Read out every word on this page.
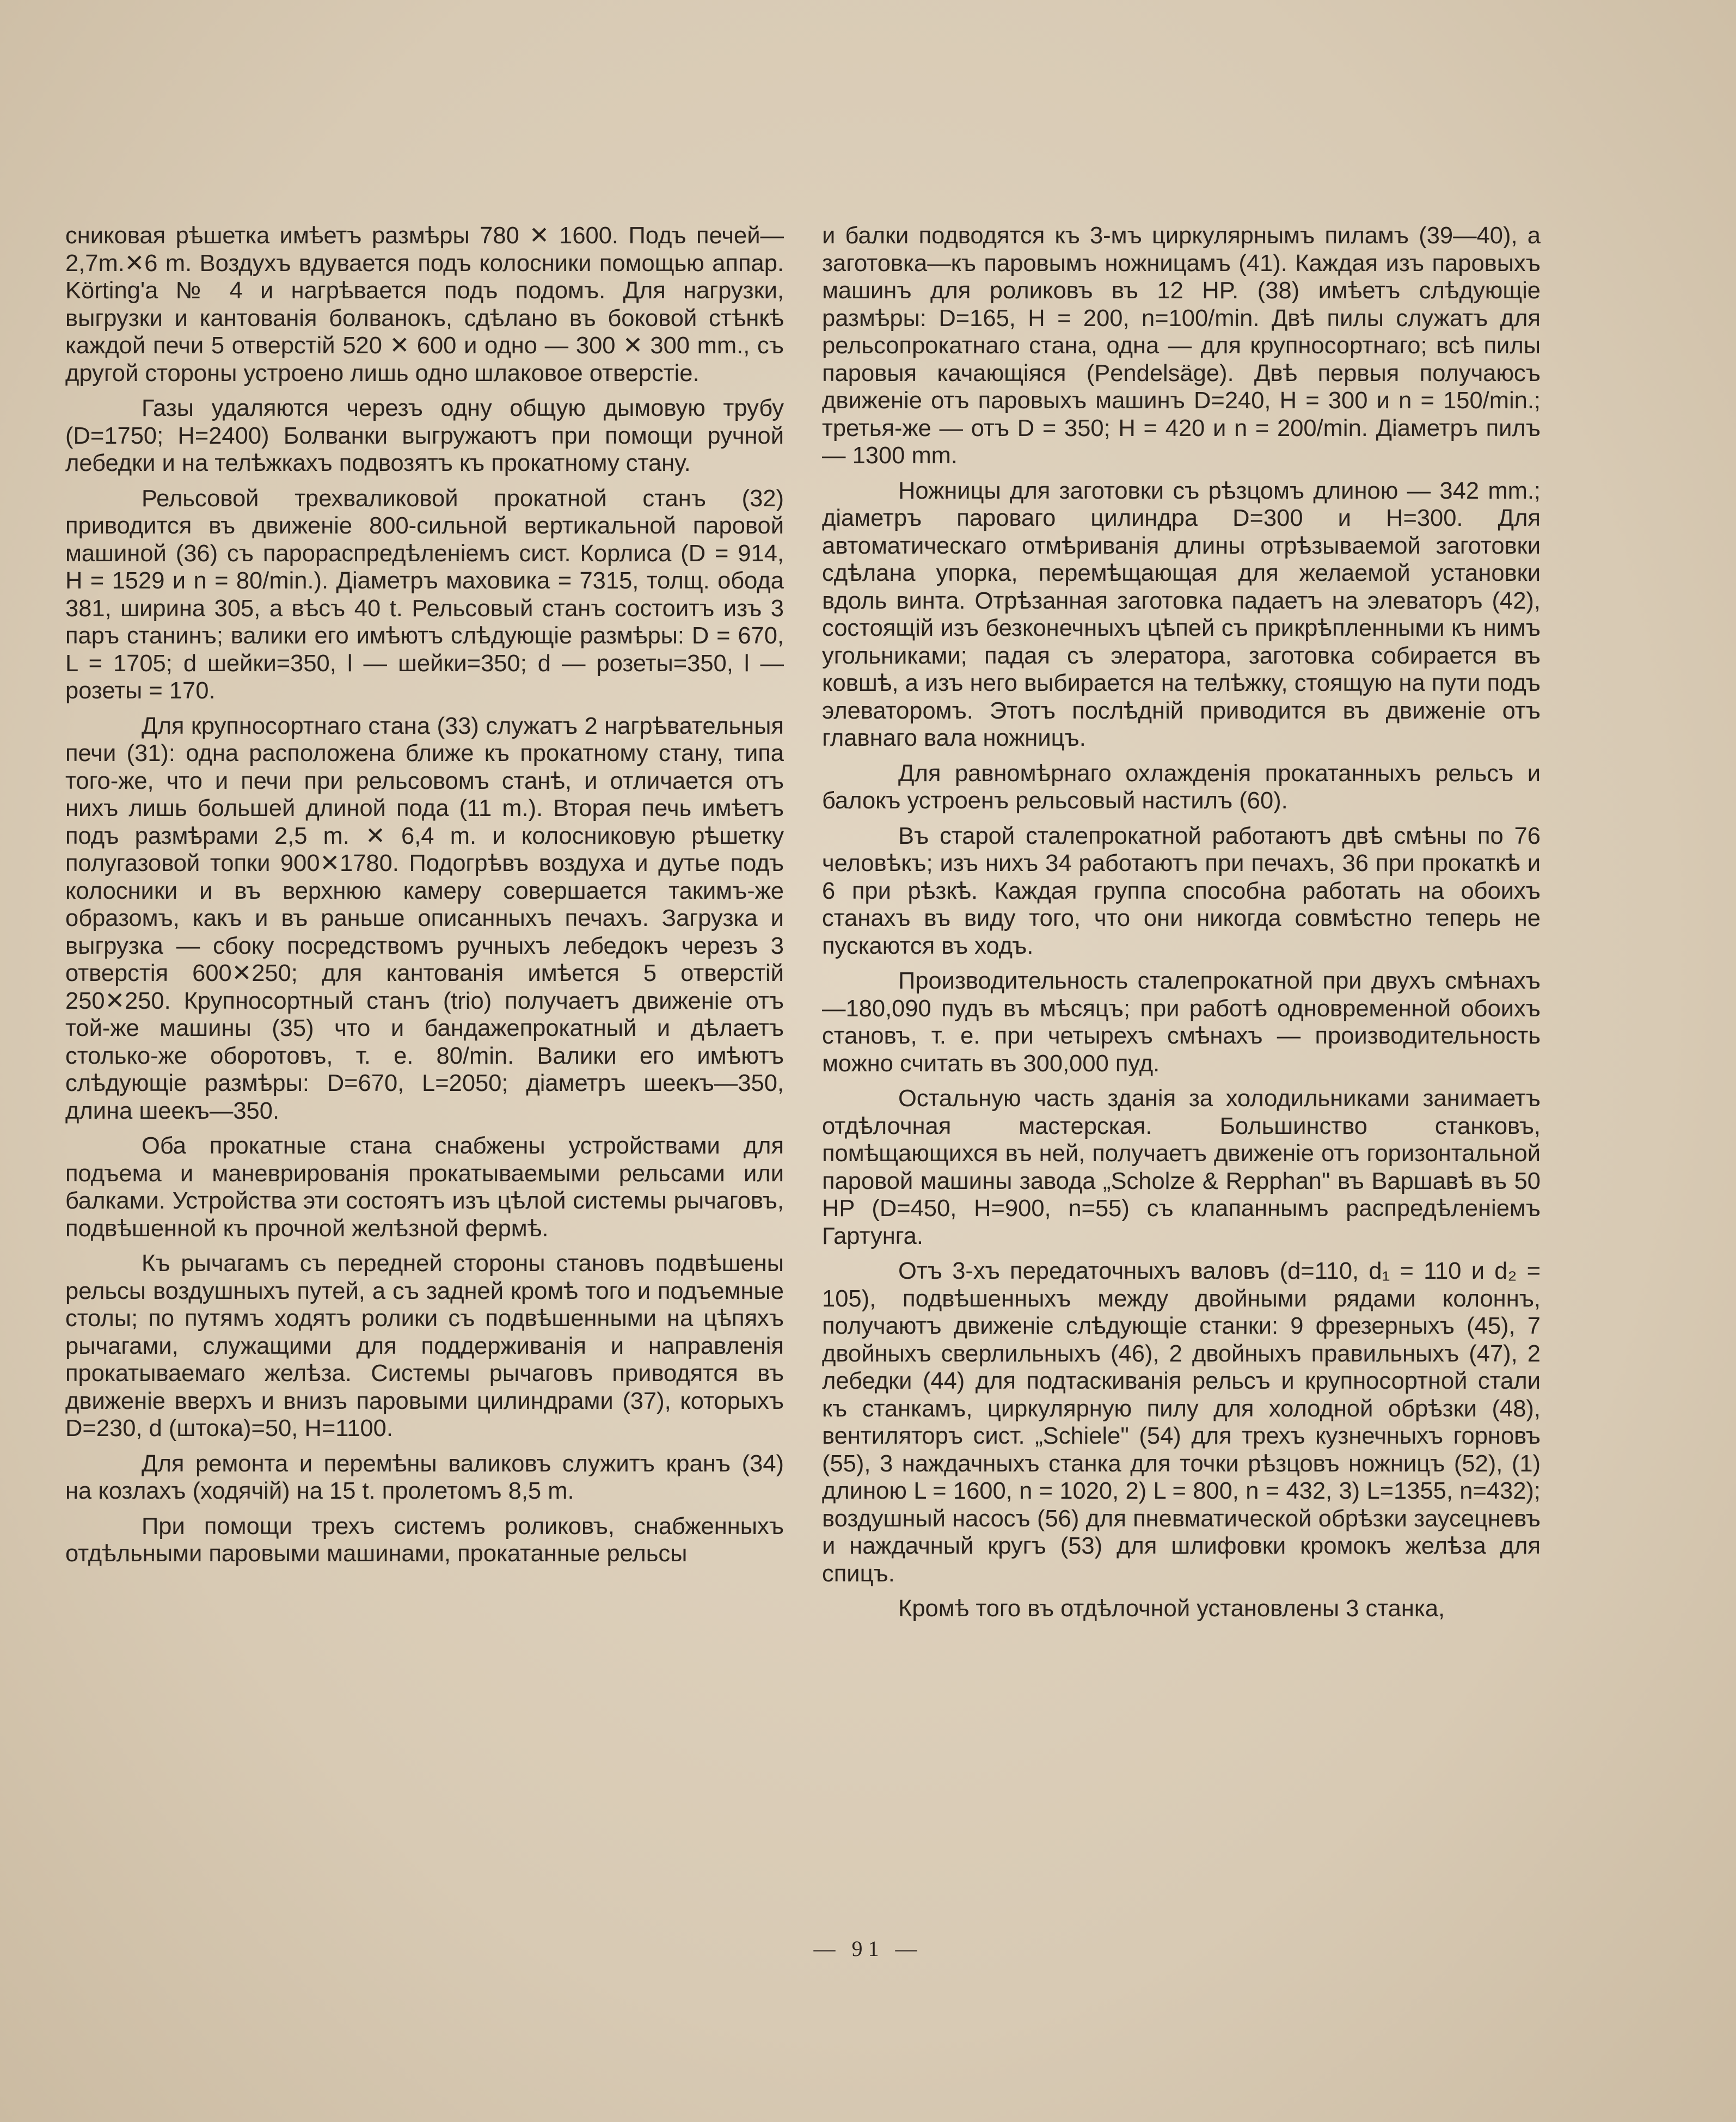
сниковая рѣшетка имѣетъ размѣры 780 ✕ 1600. Подъ печей—2,7m.✕6 m. Воздухъ вдувается подъ колосники помощью аппар. Körting'a № 4 и нагрѣвается подъ подомъ. Для нагрузки, выгрузки и кантованія болванокъ, сдѣлано въ боковой стѣнкѣ каждой печи 5 отверстій 520 ✕ 600 и одно — 300 ✕ 300 mm., съ другой стороны устроено лишь одно шлаковое отверстіе.

Газы удаляются черезъ одну общую дымовую трубу (D=1750; H=2400) Болванки выгружаютъ при помощи ручной лебедки и на телѣжкахъ подвозятъ къ прокатному стану.

Рельсовой трехваликовой прокатной станъ (32) приводится въ движеніе 800-сильной вертикальной паровой машиной (36) съ парораспредѣленіемъ сист. Корлиса (D = 914, H = 1529 и n = 80/min.). Діаметръ маховика = 7315, толщ. обода 381, ширина 305, а вѣсъ 40 t. Рельсовый станъ состоитъ изъ 3 паръ станинъ; валики его имѣютъ слѣдующіе размѣры: D = 670, L = 1705; d шейки=350, l — шейки=350; d — розеты=350, l — розеты = 170.

Для крупносортнаго стана (33) служатъ 2 нагрѣвательныя печи (31): одна расположена ближе къ прокатному стану, типа того-же, что и печи при рельсовомъ станѣ, и отличается отъ нихъ лишь большей длиной пода (11 m.). Вторая печь имѣетъ подъ размѣрами 2,5 m. ✕ 6,4 m. и колосниковую рѣшетку полугазовой топки 900✕1780. Подогрѣвъ воздуха и дутье подъ колосники и въ верхнюю камеру совершается такимъ-же образомъ, какъ и въ раньше описанныхъ печахъ. Загрузка и выгрузка — сбоку посредствомъ ручныхъ лебедокъ черезъ 3 отверстія 600✕250; для кантованія имѣется 5 отверстій 250✕250. Крупносортный станъ (trio) получаетъ движеніе отъ той-же машины (35) что и бандажепрокатный и дѣлаетъ столько-же оборотовъ, т. е. 80/min. Валики его имѣютъ слѣдующіе размѣры: D=670, L=2050; діаметръ шеекъ—350, длина шеекъ—350.

Оба прокатные стана снабжены устройствами для подъема и маневрированія прокатываемыми рельсами или балками. Устройства эти состоятъ изъ цѣлой системы рычаговъ, подвѣшенной къ прочной желѣзной фермѣ.

Къ рычагамъ съ передней стороны становъ подвѣшены рельсы воздушныхъ путей, а съ задней кромѣ того и подъемные столы; по путямъ ходятъ ролики съ подвѣшенными на цѣпяхъ рычагами, служащими для поддерживанія и направленія прокатываемаго желѣза. Системы рычаговъ приводятся въ движеніе вверхъ и внизъ паровыми цилиндрами (37), которыхъ D=230, d (штока)=50, H=1100.

Для ремонта и перемѣны валиковъ служитъ кранъ (34) на козлахъ (ходячій) на 15 t. пролетомъ 8,5 m.

При помощи трехъ системъ роликовъ, снабженныхъ отдѣльными паровыми машинами, прокатанные рельсы

и балки подводятся къ 3-мъ циркулярнымъ пиламъ (39—40), а заготовка—къ паровымъ ножницамъ (41). Каждая изъ паровыхъ машинъ для роликовъ въ 12 HP. (38) имѣетъ слѣдующіе размѣры: D=165, H = 200, n=100/min. Двѣ пилы служатъ для рельсопрокатнаго стана, одна — для крупносортнаго; всѣ пилы паровыя качающіяся (Pendelsäge). Двѣ первыя получаюсъ движеніе отъ паровыхъ машинъ D=240, H = 300 и n = 150/min.; третья-же — отъ D = 350; H = 420 и n = 200/min. Діаметръ пилъ — 1300 mm.

Ножницы для заготовки съ рѣзцомъ длиною — 342 mm.; діаметръ пароваго цилиндра D=300 и H=300. Для автоматическаго отмѣриванія длины отрѣзываемой заготовки сдѣлана упорка, перемѣщающая для желаемой установки вдоль винта. Отрѣзанная заготовка падаетъ на элеваторъ (42), состоящій изъ безконечныхъ цѣпей съ прикрѣпленными къ нимъ угольниками; падая съ элератора, заготовка собирается въ ковшѣ, а изъ него выбирается на телѣжку, стоящую на пути подъ элеваторомъ. Этотъ послѣдній приводится въ движеніе отъ главнаго вала ножницъ.

Для равномѣрнаго охлажденія прокатанныхъ рельсъ и балокъ устроенъ рельсовый настилъ (60).

Въ старой сталепрокатной работаютъ двѣ смѣны по 76 человѣкъ; изъ нихъ 34 работаютъ при печахъ, 36 при прокаткѣ и 6 при рѣзкѣ. Каждая группа способна работать на обоихъ станахъ въ виду того, что они никогда совмѣстно теперь не пускаются въ ходъ.

Производительность сталепрокатной при двухъ смѣнахъ—180,090 пудъ въ мѣсяцъ; при работѣ одновременной обоихъ становъ, т. е. при четырехъ смѣнахъ — производительность можно считать въ 300,000 пуд.

Остальную часть зданія за холодильниками занимаетъ отдѣлочная мастерская. Большинство станковъ, помѣщающихся въ ней, получаетъ движеніе отъ горизонтальной паровой машины завода „Scholze & Repphan" въ Варшавѣ въ 50 HP (D=450, H=900, n=55) съ клапаннымъ распредѣленіемъ Гартунга.

Отъ 3-хъ передаточныхъ валовъ (d=110, d₁ = 110 и d₂ = 105), подвѣшенныхъ между двойными рядами колоннъ, получаютъ движеніе слѣдующіе станки: 9 фрезерныхъ (45), 7 двойныхъ сверлильныхъ (46), 2 двойныхъ правильныхъ (47), 2 лебедки (44) для подтаскиванія рельсъ и крупносортной стали къ станкамъ, циркулярную пилу для холодной обрѣзки (48), вентиляторъ сист. „Schiele" (54) для трехъ кузнечныхъ горновъ (55), 3 наждачныхъ станка для точки рѣзцовъ ножницъ (52), (1) длиною L = 1600, n = 1020, 2) L = 800, n = 432, 3) L=1355, n=432); воздушный насосъ (56) для пневматической обрѣзки заусецневъ и наждачный кругъ (53) для шлифовки кромокъ желѣза для спицъ.

Кромѣ того въ отдѣлочной установлены 3 станка,

— 91 —
